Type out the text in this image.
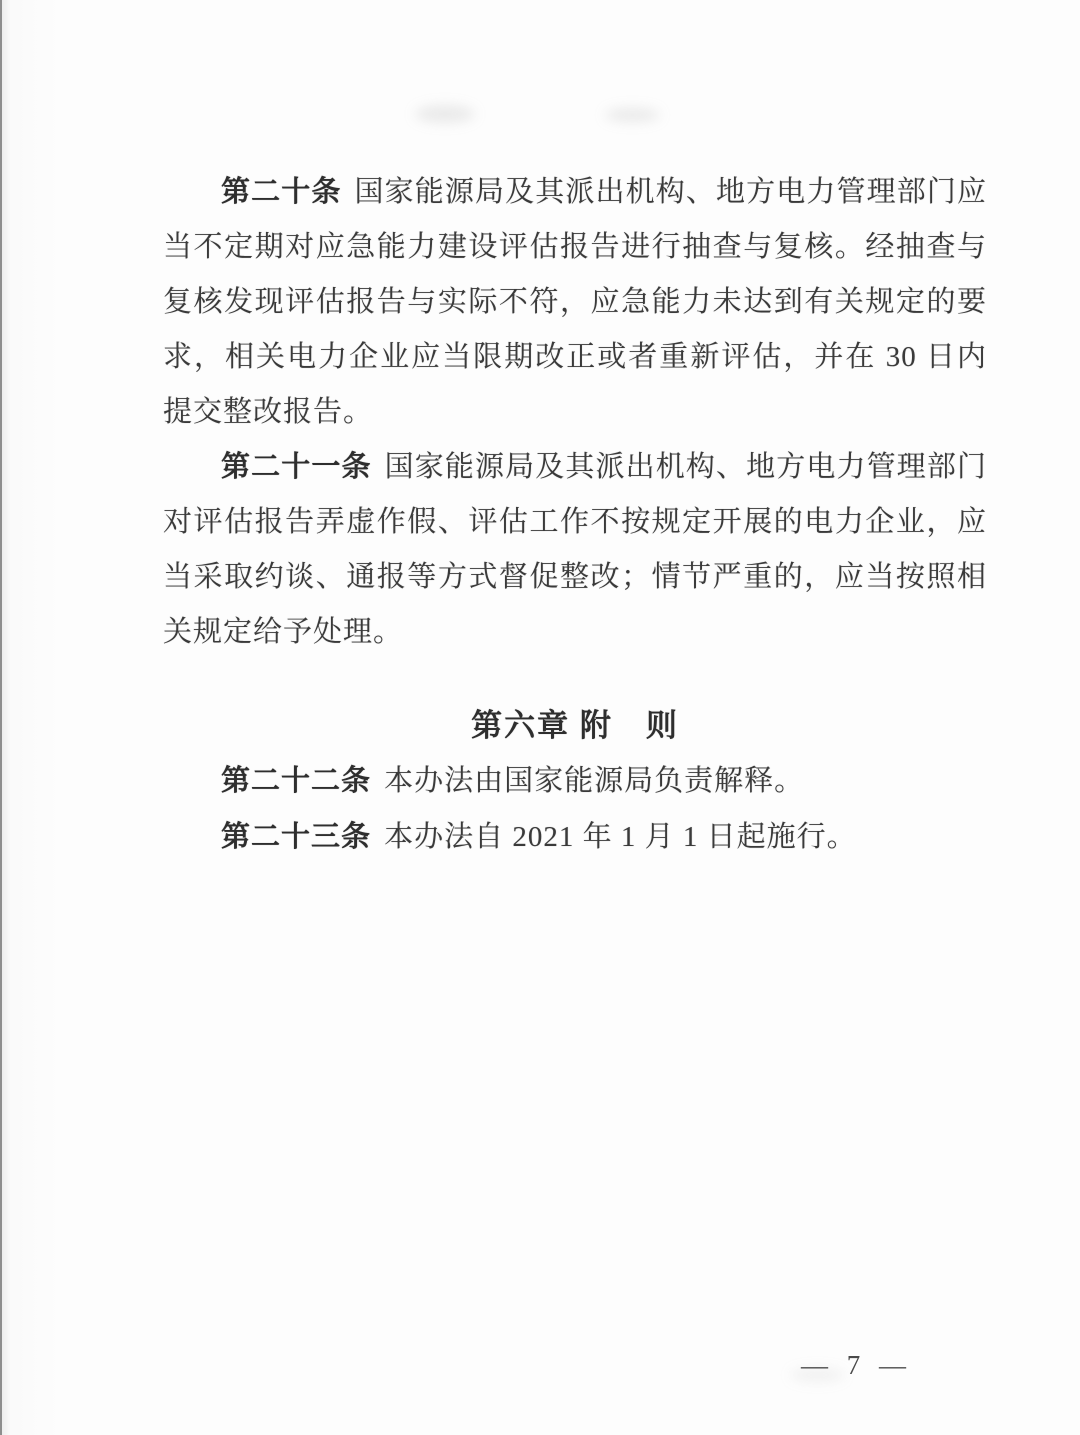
第二十条 国家能源局及其派出机构、地方电力管理部门应当不定期对应急能力建设评估报告进行抽查与复核。经抽查与复核发现评估报告与实际不符，应急能力未达到有关规定的要求，相关电力企业应当限期改正或者重新评估，并在 30 日内提交整改报告。

第二十一条 国家能源局及其派出机构、地方电力管理部门对评估报告弄虚作假、评估工作不按规定开展的电力企业，应当采取约谈、通报等方式督促整改；情节严重的，应当按照相关规定给予处理。

第六章 附　则

第二十二条 本办法由国家能源局负责解释。

第二十三条 本办法自 2021 年 1 月 1 日起施行。

— 7 —
